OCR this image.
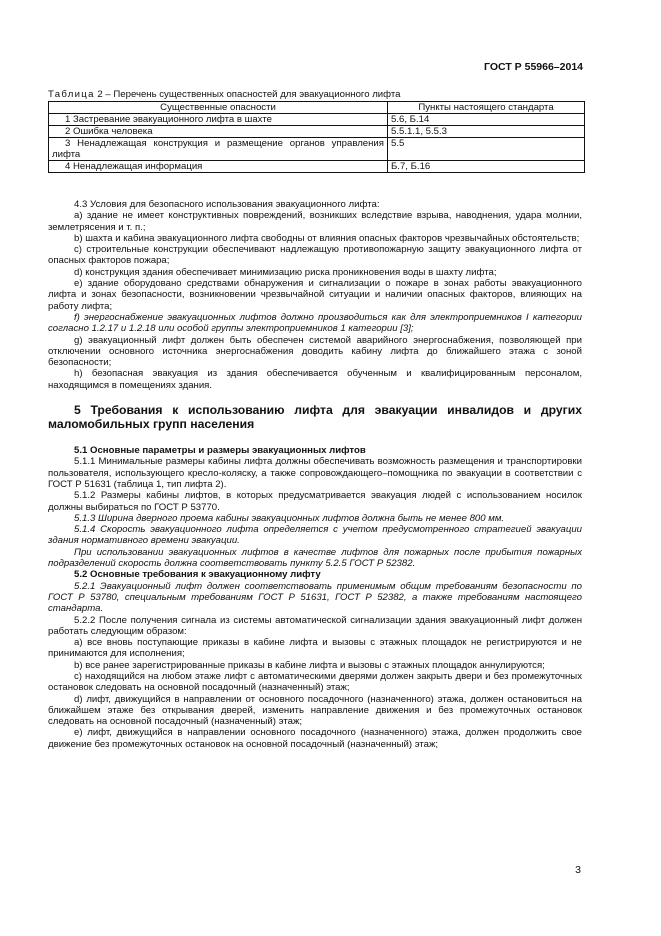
ГОСТ Р 55966–2014
Таблица 2 – Перечень существенных опасностей для эвакуационного лифта
Существенные опасности	Пункты настоящего стандарта
1 Застревание эвакуационного лифта в шахте	5.6, Б.14
2 Ошибка человека	5.5.1.1, 5.5.3
3 Ненадлежащая конструкция и размещение органов управления лифта	5.5
4 Ненадлежащая информация	Б.7, Б.16

4.3 Условия для безопасного использования эвакуационного лифта:

а) здание не имеет конструктивных повреждений, возникших вследствие взрыва, наводнения, удара молнии, землетрясения и т. п.;

b) шахта и кабина эвакуационного лифта свободны от влияния опасных факторов чрезвычайных обстоятельств;

с) строительные конструкции обеспечивают надлежащую противопожарную защиту эвакуационного лифта от опасных факторов пожара;

d) конструкция здания обеспечивает минимизацию риска проникновения воды в шахту лифта;

е) здание оборудовано средствами обнаружения и сигнализации о пожаре в зонах работы эвакуационного лифта и зонах безопасности, возникновении чрезвычайной ситуации и наличии опасных факторов, влияющих на работу лифта;

f) энергоснабжение эвакуационных лифтов должно производиться как для электроприемников I категории согласно 1.2.17 и 1.2.18 или особой группы электроприемников 1 категории [3];

g) эвакуационный лифт должен быть обеспечен системой аварийного энергоснабжения, позволяющей при отключении основного источника энергоснабжения доводить кабину лифта до ближайшего этажа с зоной безопасности;

h) безопасная эвакуация из здания обеспечивается обученным и квалифицированным персоналом, находящимся в помещениях здания.

5 Требования к использованию лифта для эвакуации инвалидов и других маломобильных групп населения

5.1 Основные параметры и размеры эвакуационных лифтов

5.1.1 Минимальные размеры кабины лифта должны обеспечивать возможность размещения и транспортировки пользователя, использующего кресло-коляску, а также сопровождающего–помощника по эвакуации в соответствии с ГОСТ Р 51631 (таблица 1, тип лифта 2).

5.1.2 Размеры кабины лифтов, в которых предусматривается эвакуация людей с использованием носилок должны выбираться по ГОСТ Р 53770.

5.1.3 Ширина дверного проема кабины эвакуационных лифтов должна быть не менее 800 мм.

5.1.4 Скорость эвакуационного лифта определяется с учетом предусмотренного стратегией эвакуации здания нормативного времени эвакуации.

При использовании эвакуационных лифтов в качестве лифтов для пожарных после прибытия пожарных подразделений скорость должна соответствовать пункту 5.2.5 ГОСТ Р 52382.

5.2 Основные требования к эвакуационному лифту

5.2.1 Эвакуационный лифт должен соответствовать применимым общим требованиям безопасности по ГОСТ Р 53780, специальным требованиям ГОСТ Р 51631, ГОСТ Р 52382, а также требованиям настоящего стандарта.

5.2.2 После получения сигнала из системы автоматической сигнализации здания эвакуационный лифт должен работать следующим образом:

а) все вновь поступающие приказы в кабине лифта и вызовы с этажных площадок не регистрируются и не принимаются для исполнения;

b) все ранее зарегистрированные приказы в кабине лифта и вызовы с этажных площадок аннулируются;

с) находящийся на любом этаже лифт с автоматическими дверями должен закрыть двери и без промежуточных остановок следовать на основной посадочный (назначенный) этаж;

d) лифт, движущийся в направлении от основного посадочного (назначенного) этажа, должен остановиться на ближайшем этаже без открывания дверей, изменить направление движения и без промежуточных остановок следовать на основной посадочный (назначенный) этаж;

е) лифт, движущийся в направлении основного посадочного (назначенного) этажа, должен продолжить свое движение без промежуточных остановок на основной посадочный (назначенный) этаж;

3
